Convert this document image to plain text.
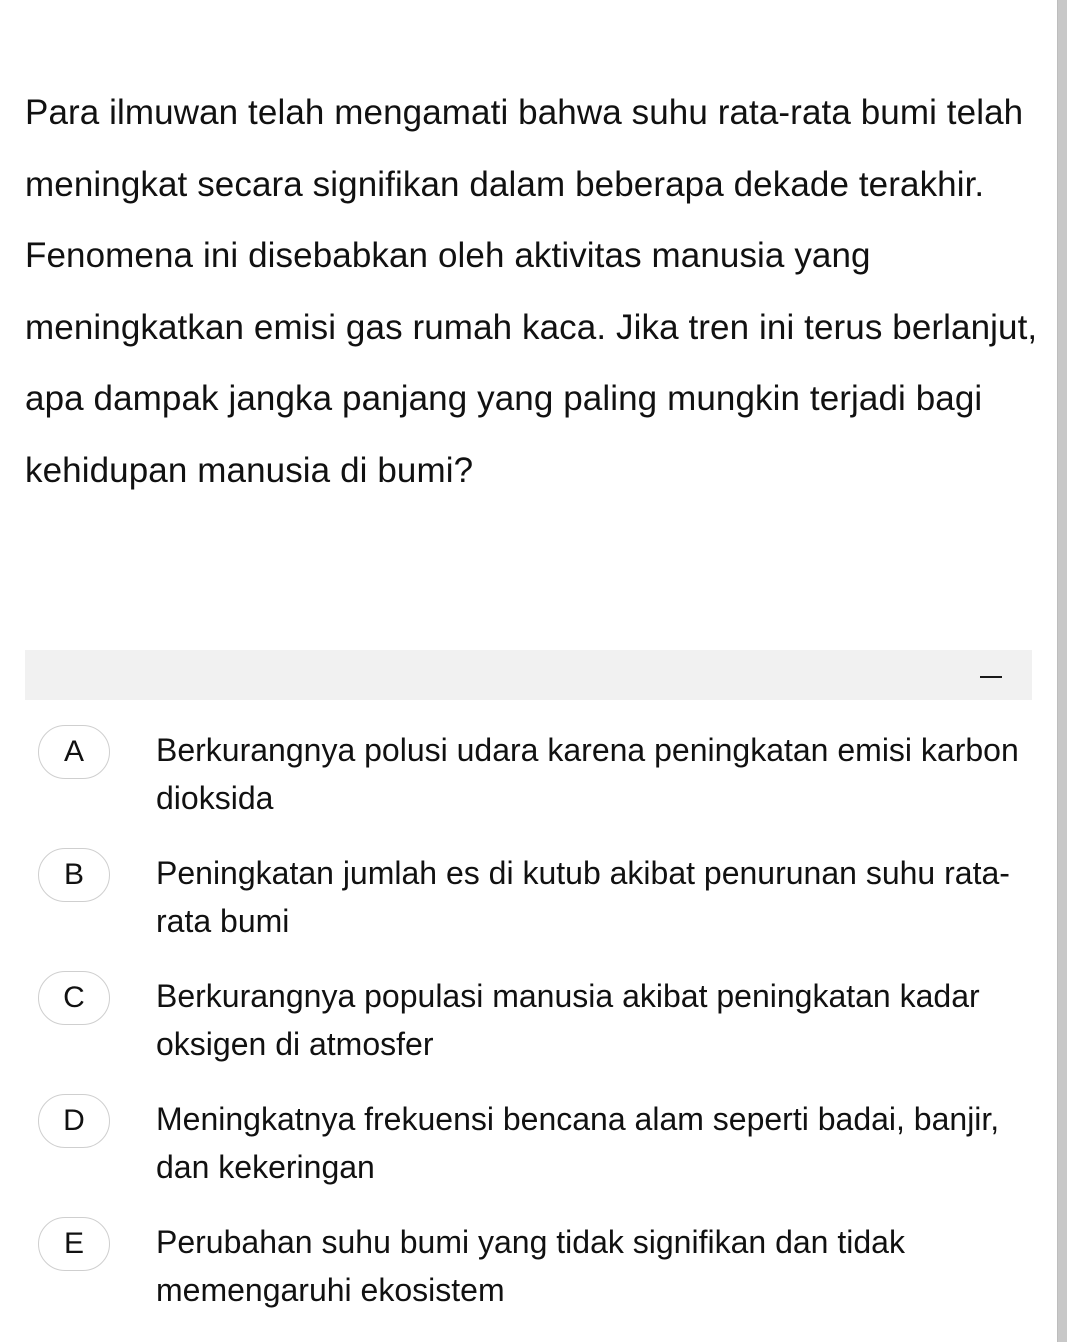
Para ilmuwan telah mengamati bahwa suhu rata-rata bumi telah meningkat secara signifikan dalam beberapa dekade terakhir. Fenomena ini disebabkan oleh aktivitas manusia yang meningkatkan emisi gas rumah kaca. Jika tren ini terus berlanjut, apa dampak jangka panjang yang paling mungkin terjadi bagi kehidupan manusia di bumi?

A	Berkurangnya polusi udara karena peningkatan emisi karbon dioksida
B	Peningkatan jumlah es di kutub akibat penurunan suhu rata-rata bumi
C	Berkurangnya populasi manusia akibat peningkatan kadar oksigen di atmosfer
D	Meningkatnya frekuensi bencana alam seperti badai, banjir, dan kekeringan
E	Perubahan suhu bumi yang tidak signifikan dan tidak memengaruhi ekosistem
